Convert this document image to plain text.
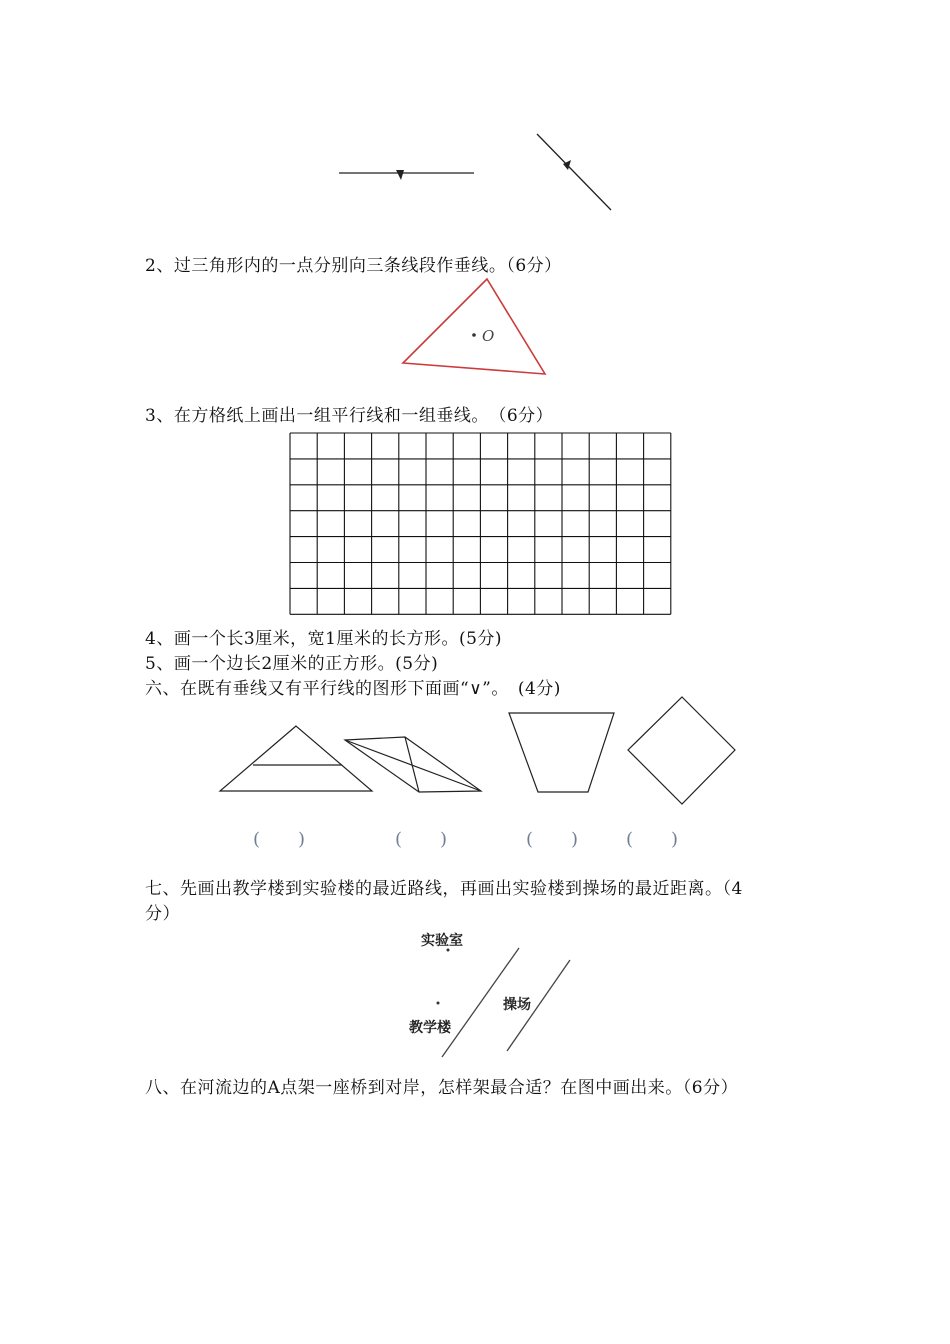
O
实验室
教学楼
操场
2、过三角形内的一点分别向三条线段作垂线。（6分）
3、在方格纸上画出一组平行线和一组垂线。　（6分）
4、画一个长3厘米，宽1厘米的长方形。(5分)
5、画一个边长2厘米的正方形。(5分)
六、在既有垂线又有平行线的图形下面画“∨”。　(4分)
(　)	(　)	(　) (　)
七、先画出教学楼到实验楼的最近路线，再画出实验楼到操场的最近距离。（4
分）
八、在河流边的A点架一座桥到对岸，怎样架最合适？在图中画出来。（6分）
